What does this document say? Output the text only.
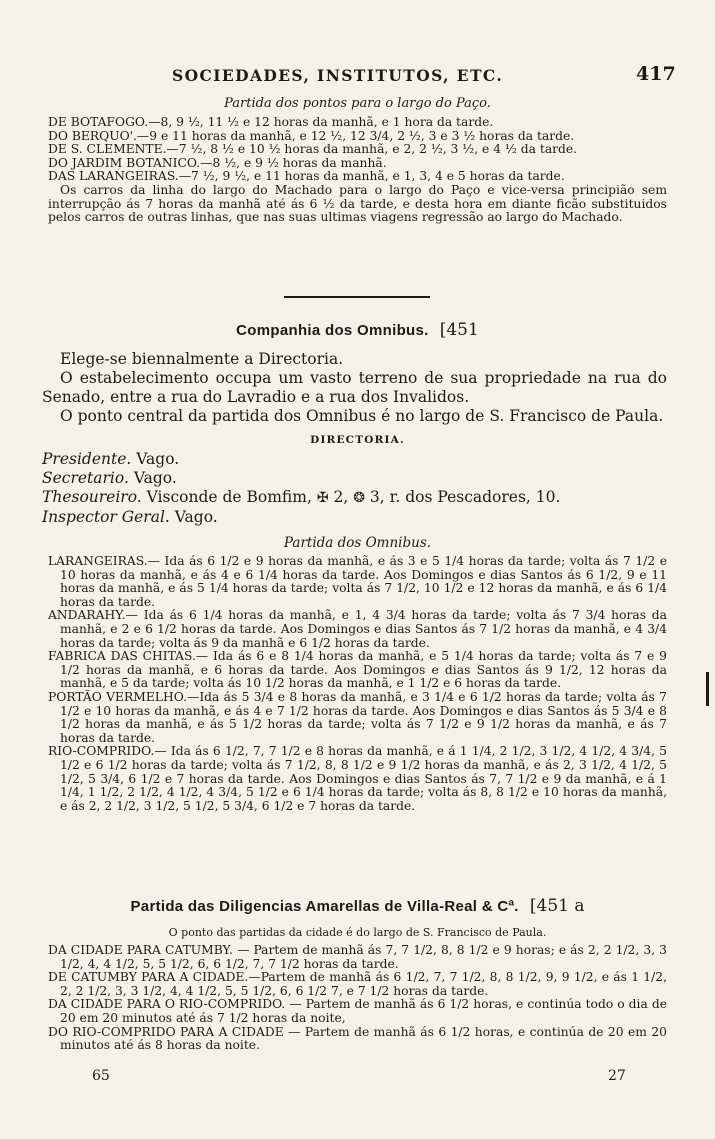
SOCIEDADES, INSTITUTOS, ETC.	417
Partida dos pontos para o largo do Paço.

DE BOTAFOGO.—8, 9 ½, 11 ½ e 12 horas da manhã, e 1 hora da tarde.

DO BERQUO'.—9 e 11 horas da manhã, e 12 ½, 12 3/4, 2 ½, 3 e 3 ½ horas da tarde.

DE S. CLEMENTE.—7 ½, 8 ½ e 10 ½ horas da manhã, e 2, 2 ½, 3 ½, e 4 ½ da tarde.

DO JARDIM BOTANICO.—8 ½, e 9 ½ horas da manhã.

DAS LARANGEIRAS.—7 ½, 9 ½, e 11 horas da manhã, e 1, 3, 4 e 5 horas da tarde.

Os carros da linha do largo do Machado para o largo do Paço e vice-versa principião sem interrupção ás 7 horas da manhã até ás 6 ½ da tarde, e desta hora em diante ficão substituidos pelos carros de outras linhas, que nas suas ultimas viagens regressão ao largo do Machado.

Companhia dos Omnibus. [451

Elege-se biennalmente a Directoria.

O estabelecimento occupa um vasto terreno de sua propriedade na rua do Senado, entre a rua do Lavradio e a rua dos Invalidos.

O ponto central da partida dos Omnibus é no largo de S. Francisco de Paula.

DIRECTORIA.

Presidente. Vago.

Secretario. Vago.

Thesoureiro. Visconde de Bomfim, ✠ 2, ❂ 3, r. dos Pescadores, 10.

Inspector Geral. Vago.

Partida dos Omnibus.

LARANGEIRAS.— Ida ás 6 1/2 e 9 horas da manhã, e ás 3 e 5 1/4 horas da tarde; volta ás 7 1/2 e 10 horas da manhã, e ás 4 e 6 1/4 horas da tarde. Aos Domingos e dias Santos ás 6 1/2, 9 e 11 horas da manhã, e ás 5 1/4 horas da tarde; volta ás 7 1/2, 10 1/2 e 12 horas da manhã, e ás 6 1/4 horas da tarde.

ANDARAHY.— Ida ás 6 1/4 horas da manhã, e 1, 4 3/4 horas da tarde; volta ás 7 3/4 horas da manhã, e 2 e 6 1/2 horas da tarde. Aos Domingos e dias Santos ás 7 1/2 horas da manhã, e 4 3/4 horas da tarde; volta ás 9 da manhã e 6 1/2 horas da tarde.

FABRICA DAS CHITAS.— Ida ás 6 e 8 1/4 horas da manhã, e 5 1/4 horas da tarde; volta ás 7 e 9 1/2 horas da manhã, e 6 horas da tarde. Aos Domingos e dias Santos ás 9 1/2, 12 horas da manhã, e 5 da tarde; volta ás 10 1/2 horas da manhã, e 1 1/2 e 6 horas da tarde.

PORTÃO VERMELHO.—Ida ás 5 3/4 e 8 horas da manhã, e 3 1/4 e 6 1/2 horas da tarde; volta ás 7 1/2 e 10 horas da manhã, e ás 4 e 7 1/2 horas da tarde. Aos Domingos e dias Santos ás 5 3/4 e 8 1/2 horas da manhã, e ás 5 1/2 horas da tarde; volta ás 7 1/2 e 9 1/2 horas da manhã, e ás 7 horas da tarde.

RIO-COMPRIDO.— Ida ás 6 1/2, 7, 7 1/2 e 8 horas da manhã, e á 1 1/4, 2 1/2, 3 1/2, 4 1/2, 4 3/4, 5 1/2 e 6 1/2 horas da tarde; volta ás 7 1/2, 8, 8 1/2 e 9 1/2 horas da manhã, e ás 2, 3 1/2, 4 1/2, 5 1/2, 5 3/4, 6 1/2 e 7 horas da tarde. Aos Domingos e dias Santos ás 7, 7 1/2 e 9 da manhã, e á 1 1/4, 1 1/2, 2 1/2, 4 1/2, 4 3/4, 5 1/2 e 6 1/4 horas da tarde; volta ás 8, 8 1/2 e 10 horas da manhã, e ás 2, 2 1/2, 3 1/2, 5 1/2, 5 3/4, 6 1/2 e 7 horas da tarde.

Partida das Diligencias Amarellas de Villa-Real & Cª. [451 a
O ponto das partidas da cidade é do largo de S. Francisco de Paula.

DA CIDADE PARA CATUMBY. — Partem de manhã ás 7, 7 1/2, 8, 8 1/2 e 9 horas; e ás 2, 2 1/2, 3, 3 1/2, 4, 4 1/2, 5, 5 1/2, 6, 6 1/2, 7, 7 1/2 horas da tarde.

DE CATUMBY PARA A CIDADE.—Partem de manhã ás 6 1/2, 7, 7 1/2, 8, 8 1/2, 9, 9 1/2, e ás 1 1/2, 2, 2 1/2, 3, 3 1/2, 4, 4 1/2, 5, 5 1/2, 6, 6 1/2 7, e 7 1/2 horas da tarde.

DA CIDADE PARA O RIO-COMPRIDO. — Partem de manhã ás 6 1/2 horas, e continúa todo o dia de 20 em 20 minutos até ás 7 1/2 horas da noite,

DO RIO-COMPRIDO PARA A CIDADE — Partem de manhã ás 6 1/2 horas, e continúa de 20 em 20 minutos até ás 8 horas da noite.

65	27
